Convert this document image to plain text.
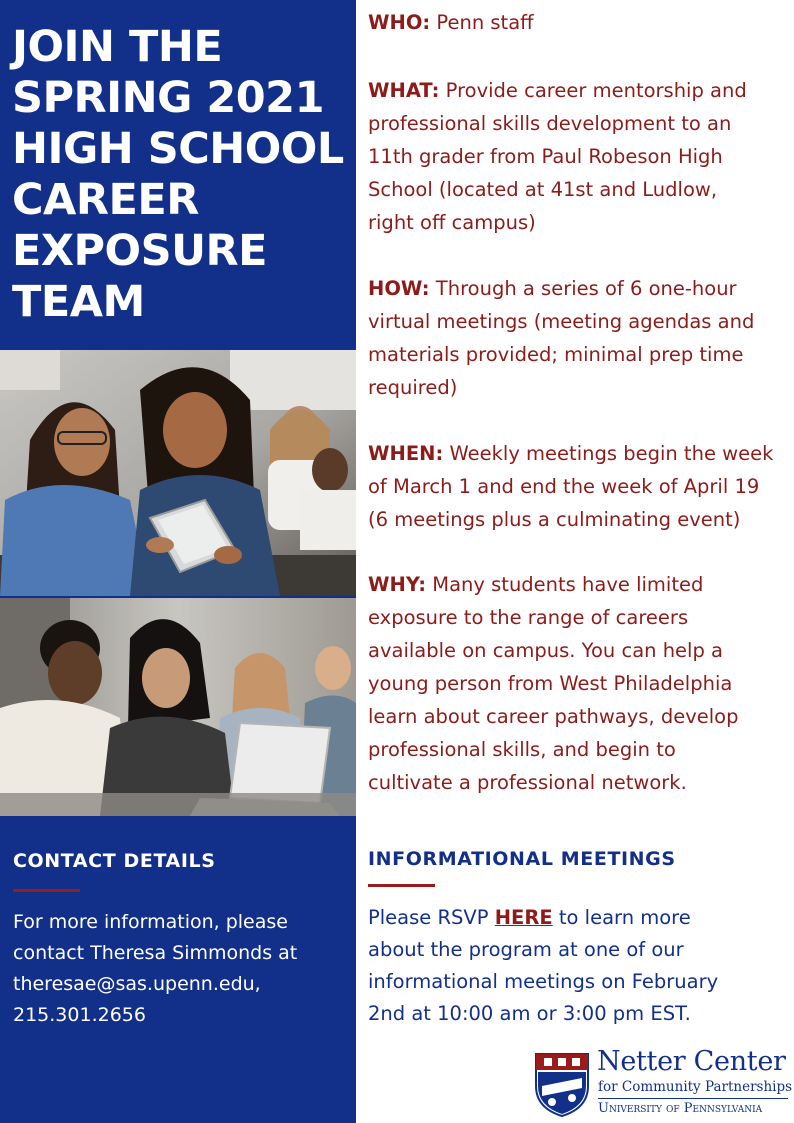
JOIN THE
SPRING 2021
HIGH SCHOOL
CAREER
EXPOSURE
TEAM
CONTACT DETAILS

For more information, please
contact Theresa Simmonds at
theresae@sas.upenn.edu,
215.301.2656

WHO: Penn staff

WHAT: Provide career mentorship and
professional skills development to an
11th grader from Paul Robeson High
School (located at 41st and Ludlow,
right off campus)

HOW: Through a series of 6 one-hour
virtual meetings (meeting agendas and
materials provided; minimal prep time
required)

WHEN: Weekly meetings begin the week
of March 1 and end the week of April 19
(6 meetings plus a culminating event)

WHY: Many students have limited
exposure to the range of careers
available on campus. You can help a
young person from West Philadelphia
learn about career pathways, develop
professional skills, and begin to
cultivate a professional network.

INFORMATIONAL MEETINGS

Please RSVP HERE to learn more
about the program at one of our
informational meetings on February
2nd at 10:00 am or 3:00 pm EST.

Netter Center
for Community Partnerships
University of Pennsylvania
